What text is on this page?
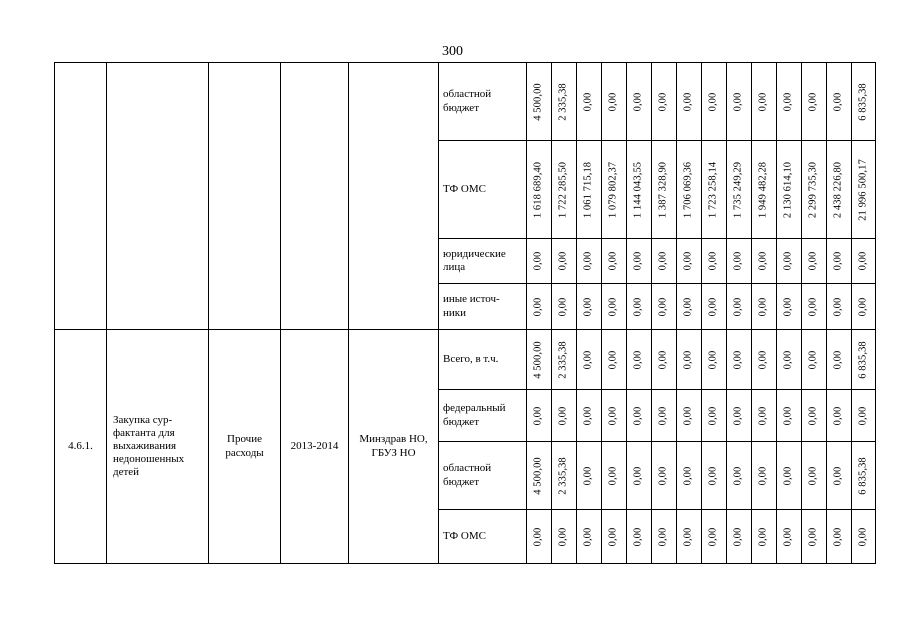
300
					областной бюджет	4 500,00	2 335,38	0,00	0,00	0,00	0,00	0,00	0,00	0,00	0,00	0,00	0,00	0,00	6 835,38

					ТФ ОМС	1 618 689,40	1 722 285,50	1 061 715,18	1 079 802,37	1 144 043,55	1 387 328,90	1 706 069,36	1 723 258,14	1 735 249,29	1 949 482,28	2 130 614,10	2 299 735,30	2 438 226,80	21 996 500,17

					юридические лица	0,00	0,00	0,00	0,00	0,00	0,00	0,00	0,00	0,00	0,00	0,00	0,00	0,00	0,00

					иные источ-ники	0,00	0,00	0,00	0,00	0,00	0,00	0,00	0,00	0,00	0,00	0,00	0,00	0,00	0,00

4.6.1.	Закупка сур-фактанта для выхаживания недоношенных детей	Прочие расходы	2013-2014	Минздрав НО, ГБУЗ НО	Всего, в т.ч.	4 500,00	2 335,38	0,00	0,00	0,00	0,00	0,00	0,00	0,00	0,00	0,00	0,00	0,00	6 835,38

					федеральный бюджет	0,00	0,00	0,00	0,00	0,00	0,00	0,00	0,00	0,00	0,00	0,00	0,00	0,00	0,00

					областной бюджет	4 500,00	2 335,38	0,00	0,00	0,00	0,00	0,00	0,00	0,00	0,00	0,00	0,00	0,00	6 835,38

					ТФ ОМС	0,00	0,00	0,00	0,00	0,00	0,00	0,00	0,00	0,00	0,00	0,00	0,00	0,00	0,00
